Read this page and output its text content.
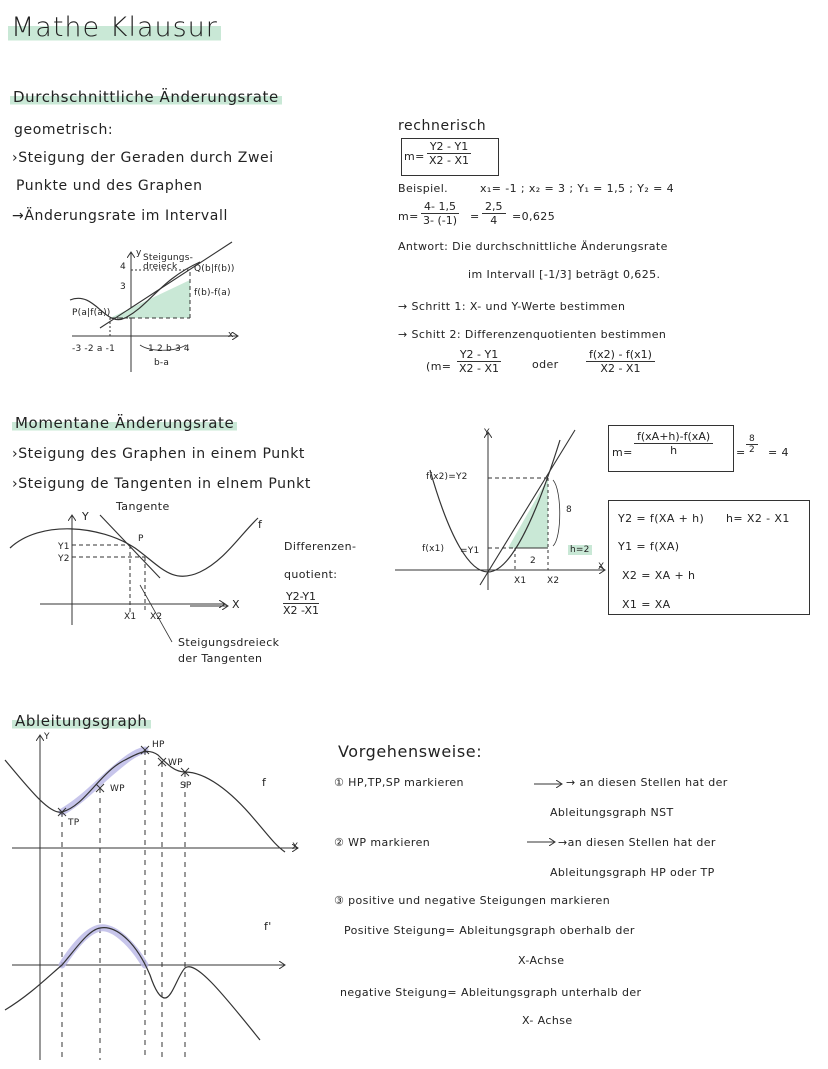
Mathe Klausur
Durchschnittliche Änderungsrate
geometrisch:
›Steigung der Geraden durch Zwei
Punkte und des Graphen
→Änderungsrate im Intervall
Steigungs-
dreieck	Q(b|f(b))
f(b)-f(a)
P(a|f(a))
4
3
-3 -2 a -1	1 2 b 3 4
b-a
y
x
rechnerisch
$m= \frac{Y2 - Y1}{X2 - X1}$
Beispiel.	x₁= -1 ; x₂ = 3 ; Y₁ = 1,5 ; Y₂ = 4
$m= \frac{4- 1,5}{3- (-1)} = \frac{2,5}{4} =0,625$
Antwort: Die durchschnittliche Änderungsrate
im Intervall [-1/3] beträgt 0,625.
→ Schritt 1: X- und Y-Werte bestimmen
→ Schitt 2: Differenzenquotienten bestimmen
($m= \frac{Y2 - Y1}{X2 - X1}$	oder $\frac{f(x2) - f(x1)}{X2 - X1}$
Momentane Änderungsrate
›Steigung des Graphen in einem Punkt
›Steigung de Tangenten in elnem Punkt
Tangente
Y
X
f
P
Y1
Y2
X1 X2
Differenzen-
quotient:
$\frac{Y2-Y1}{X2 -X1}$
Steigungsdreieck
der Tangenten
Y
f(x2)=Y2
f(x1) =Y1
8
2
h=2
X1 X2
X
$m= \frac{f(xA+h)-f(xA)}{h} = \frac{8}{2} = 4$
Y2 = f(XA + h) h= X2 - X1
Y1 = f(XA)
X2 = XA + h
X1 = XA
Ableitungsgraph
Y
HP
WP
WP
SP
TP
f
f'
X
Vorgehensweise:
① HP,TP,SP markieren	→ an diesen Stellen hat der
Ableitungsgraph NST
② WP markieren	→an diesen Stellen hat der
Ableitungsgraph HP oder TP
③ positive und negative Steigungen markieren
Positive Steigung= Ableitungsgraph oberhalb der
X-Achse
negative Steigung= Ableitungsgraph unterhalb der
X- Achse
